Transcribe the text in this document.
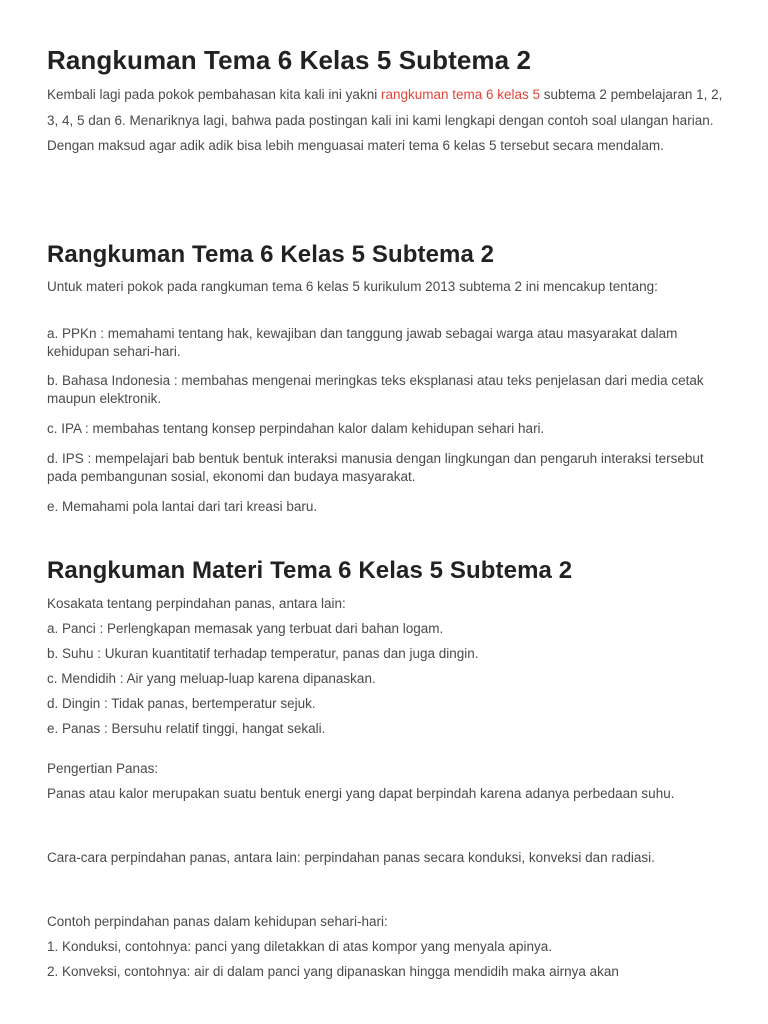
Rangkuman Tema 6 Kelas 5 Subtema 2

Kembali lagi pada pokok pembahasan kita kali ini yakni rangkuman tema 6 kelas 5 subtema 2 pembelajaran 1, 2, 3, 4, 5 dan 6. Menariknya lagi, bahwa pada postingan kali ini kami lengkapi dengan contoh soal ulangan harian. Dengan maksud agar adik adik bisa lebih menguasai materi tema 6 kelas 5 tersebut secara mendalam.

Rangkuman Tema 6 Kelas 5 Subtema 2

Untuk materi pokok pada rangkuman tema 6 kelas 5 kurikulum 2013 subtema 2 ini mencakup tentang:

a. PPKn : memahami tentang hak, kewajiban dan tanggung jawab sebagai warga atau masyarakat dalam kehidupan sehari-hari.

b. Bahasa Indonesia : membahas mengenai meringkas teks eksplanasi atau teks penjelasan dari media cetak maupun elektronik.

c. IPA : membahas tentang konsep perpindahan kalor dalam kehidupan sehari hari.

d. IPS : mempelajari bab bentuk bentuk interaksi manusia dengan lingkungan dan pengaruh interaksi tersebut pada pembangunan sosial, ekonomi dan budaya masyarakat.

e. Memahami pola lantai dari tari kreasi baru.

Rangkuman Materi Tema 6 Kelas 5 Subtema 2

Kosakata tentang perpindahan panas, antara lain:

a. Panci : Perlengkapan memasak yang terbuat dari bahan logam.

b. Suhu : Ukuran kuantitatif terhadap temperatur, panas dan juga dingin.

c. Mendidih : Air yang meluap-luap karena dipanaskan.

d. Dingin : Tidak panas, bertemperatur sejuk.

e. Panas : Bersuhu relatif tinggi, hangat sekali.

Pengertian Panas:

Panas atau kalor merupakan suatu bentuk energi yang dapat berpindah karena adanya perbedaan suhu.

Cara-cara perpindahan panas, antara lain: perpindahan panas secara konduksi, konveksi dan radiasi.

Contoh perpindahan panas dalam kehidupan sehari-hari:

1. Konduksi, contohnya: panci yang diletakkan di atas kompor yang menyala apinya.

2. Konveksi, contohnya: air di dalam panci yang dipanaskan hingga mendidih maka airnya akan
